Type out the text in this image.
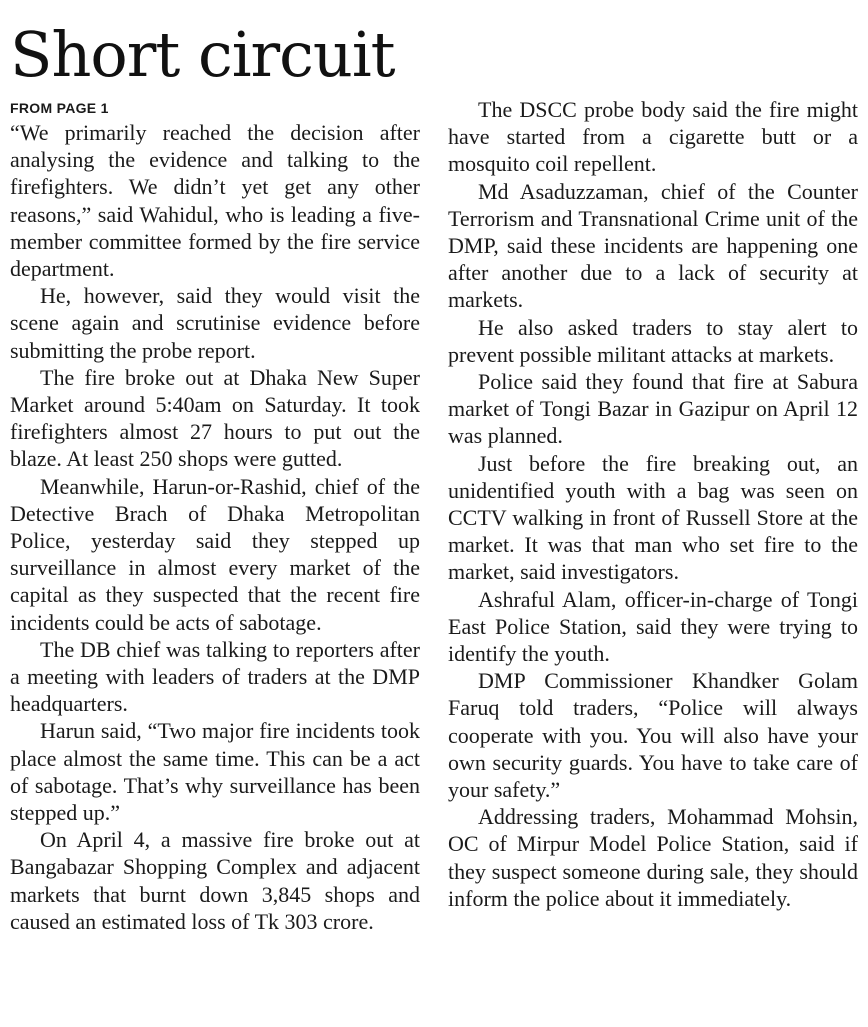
Short circuit
FROM PAGE 1

“We primarily reached the decision after analysing the evidence and talking to the firefighters. We didn’t yet get any other reasons,” said Wahidul, who is leading a five-member committee formed by the fire service department.

He, however, said they would visit the scene again and scrutinise evidence before submitting the probe report.

The fire broke out at Dhaka New Super Market around 5:40am on Saturday. It took firefighters almost 27 hours to put out the blaze. At least 250 shops were gutted.

Meanwhile, Harun-or-Rashid, chief of the Detective Brach of Dhaka Metropolitan Police, yesterday said they stepped up surveillance in almost every market of the capital as they suspected that the recent fire incidents could be acts of sabotage.

The DB chief was talking to reporters after a meeting with leaders of traders at the DMP headquarters.

Harun said, “Two major fire incidents took place almost the same time. This can be a act of sabotage. That’s why surveillance has been stepped up.”

On April 4, a massive fire broke out at Bangabazar Shopping Complex and adjacent markets that burnt down 3,845 shops and caused an estimated loss of Tk 303 crore.

The DSCC probe body said the fire might have started from a cigarette butt or a mosquito coil repellent.

Md Asaduzzaman, chief of the Counter Terrorism and Transnational Crime unit of the DMP, said these incidents are happening one after another due to a lack of security at markets.

He also asked traders to stay alert to prevent possible militant attacks at markets.

Police said they found that fire at Sabura market of Tongi Bazar in Gazipur on April 12 was planned.

Just before the fire breaking out, an unidentified youth with a bag was seen on CCTV walking in front of Russell Store at the market. It was that man who set fire to the market, said investigators.

Ashraful Alam, officer-in-charge of Tongi East Police Station, said they were trying to identify the youth.

DMP Commissioner Khandker Golam Faruq told traders, “Police will always cooperate with you. You will also have your own security guards. You have to take care of your safety.”

Addressing traders, Mohammad Mohsin, OC of Mirpur Model Police Station, said if they suspect someone during sale, they should inform the police about it immediately.
